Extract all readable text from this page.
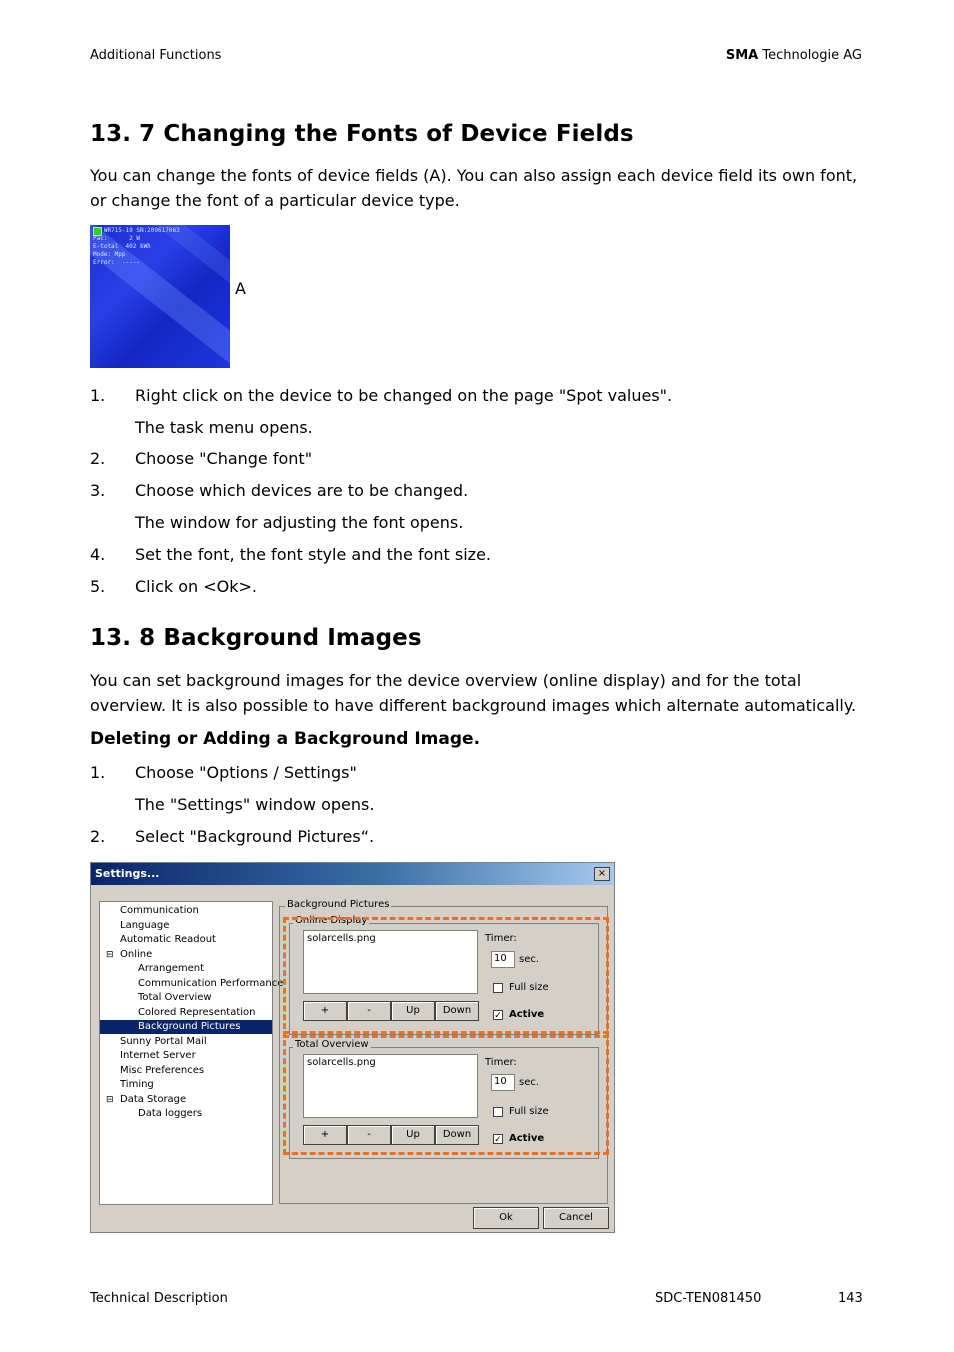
Additional Functions	SMA Technologie AG
13. 7 Changing the Fonts of Device Fields
You can change the fonts of device fields (A). You can also assign each device field its own font, or change the font of a particular device type.
WR715-19 SN:209617063
Pac:      2 W
E-total  402 kWh
Mode: Mpp
Error:  -----
A
1. Right click on the device to be changed on the page "Spot values".
The task menu opens.
2. Choose "Change font"
3. Choose which devices are to be changed.
The window for adjusting the font opens.
4. Set the font, the font style and the font size.
5. Click on <Ok>.
13. 8 Background Images
You can set background images for the device overview (online display) and for the total overview. It is also possible to have different background images which alternate automatically.
Deleting or Adding a Background Image.
1. Choose "Options / Settings"
The "Settings" window opens.
2. Select "Background Pictures“.
Settings...	×
Communication
Language
Automatic Readout
⊟ Online
Arrangement
Communication Performance
Total Overview
Colored Representation
Background Pictures
Sunny Portal Mail
Internet Server
Misc Preferences
Timing
⊟ Data Storage
Data loggers
Background Pictures
Online Display
solarcells.png
+	-	Up	Down
Timer:
10	sec.
Full size
✓ Active
Total Overview
solarcells.png
+	-	Up	Down
Timer:
10	sec.
Full size
✓ Active
Ok	Cancel
Technical Description	SDC-TEN081450	143
